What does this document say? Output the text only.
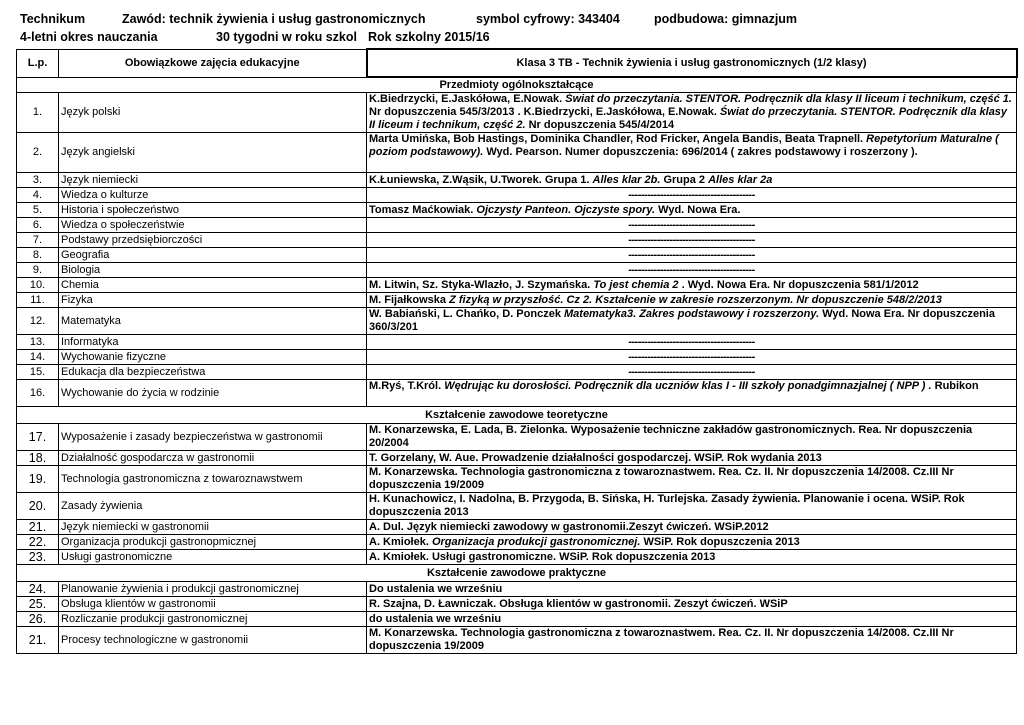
Technikum	Zawód: technik żywienia i usług gastronomicznych	symbol cyfrowy: 343404	podbudowa: gimnazjum
4-letni okres nauczania	30 tygodni w roku szkol Rok szkolny 2015/16
L.p.	Obowiązkowe zajęcia edukacyjne	Klasa 3 TB - Technik żywienia i usług gastronomicznych (1/2 klasy)
Przedmioty ogólnokształcące		
1.	Język polski	K.Biedrzycki, E.Jaskółowa, E.Nowak. Świat do przeczytania. STENTOR. Podręcznik dla klasy II liceum i technikum, część 1. Nr dopuszczenia 545/3/2013 . K.Biedrzycki, E.Jaskółowa, E.Nowak. Świat do przeczytania. STENTOR. Podręcznik dla klasy II liceum i technikum, część 2. Nr dopuszczenia 545/4/2014

2.	Język angielski	Marta Umińska, Bob Hastings, Dominika Chandler, Rod Fricker, Angela Bandis, Beata Trapnell. Repetytorium Maturalne ( poziom podstawowy). Wyd. Pearson. Numer dopuszczenia: 696/2014 ( zakres podstawowy i roszerzony ).

3.	Język niemiecki	K.Łuniewska, Z.Wąsik, U.Tworek. Grupa 1. Alles klar 2b. Grupa 2 Alles klar 2a
4.	Wiedza o kulturze	----------------------------------------
5.	Historia i społeczeństwo	Tomasz Maćkowiak. Ojczysty Panteon. Ojczyste spory. Wyd. Nowa Era.
6.	Wiedza o społeczeństwie	----------------------------------------
7.	Podstawy przedsiębiorczości	----------------------------------------
8.	Geografia	----------------------------------------
9.	Biologia	----------------------------------------
10.	Chemia	M. Litwin, Sz. Styka-Wlazło, J. Szymańska. To jest chemia 2 . Wyd. Nowa Era. Nr dopuszczenia 581/1/2012
11.	Fizyka	M. Fijałkowska Z fizyką w przyszłość. Cz 2. Kształcenie w zakresie rozszerzonym. Nr dopuszczenie 548/2/2013
12.	Matematyka	W. Babiański, L. Chańko, D. Ponczek Matematyka3. Zakres podstawowy i rozszerzony. Wyd. Nowa Era. Nr dopuszczenia 360/3/201

13.	Informatyka	----------------------------------------
14.	Wychowanie fizyczne	----------------------------------------
15.	Edukacja dla bezpieczeństwa	----------------------------------------
16.	Wychowanie do życia w rodzinie	M.Ryś, T.Król. Wędrując ku dorosłości. Podręcznik dla uczniów klas I - III szkoły ponadgimnazjalnej ( NPP ) . Rubikon

Kształcenie zawodowe teoretyczne		
17.	Wyposażenie i zasady bezpieczeństwa w gastronomii	M. Konarzewska, E. Lada, B. Zielonka. Wyposażenie techniczne zakładów gastronomicznych. Rea. Nr dopuszczenia 20/2004

18.	Działalność gospodarcza w gastronomii	T. Gorzelany, W. Aue. Prowadzenie działalności gospodarczej. WSiP. Rok wydania 2013
19.	Technologia gastronomiczna z towaroznawstwem	M. Konarzewska. Technologia gastronomiczna z towaroznastwem. Rea. Cz. II. Nr dopuszczenia 14/2008. Cz.III Nr dopuszczenia 19/2009

20.	Zasady żywienia	H. Kunachowicz, I. Nadolna, B. Przygoda, B. Sińska, H. Turlejska. Zasady żywienia. Planowanie i ocena. WSiP. Rok dopuszczenia 2013

21.	Język niemiecki w gastronomii	A. Dul. Język niemiecki zawodowy w gastronomii.Zeszyt ćwiczeń. WSiP.2012
22.	Organizacja produkcji gastronopmicznej	A. Kmiołek. Organizacja produkcji gastronomicznej. WSiP. Rok dopuszczenia 2013
23.	Usługi gastronomiczne	A. Kmiołek. Usługi gastronomiczne. WSiP. Rok dopuszczenia 2013
Kształcenie zawodowe praktyczne		
24.	Planowanie żywienia i produkcji gastronomicznej	Do ustalenia we wrześniu
25.	Obsługa klientów w gastronomii	R. Szajna, D. Ławniczak. Obsługa klientów w gastronomii. Zeszyt ćwiczeń. WSiP
26.	Rozliczanie produkcji gastronomicznej	do ustalenia we wrześniu
21.	Procesy technologiczne w gastronomii	M. Konarzewska. Technologia gastronomiczna z towaroznastwem. Rea. Cz. II. Nr dopuszczenia 14/2008. Cz.III Nr dopuszczenia 19/2009
